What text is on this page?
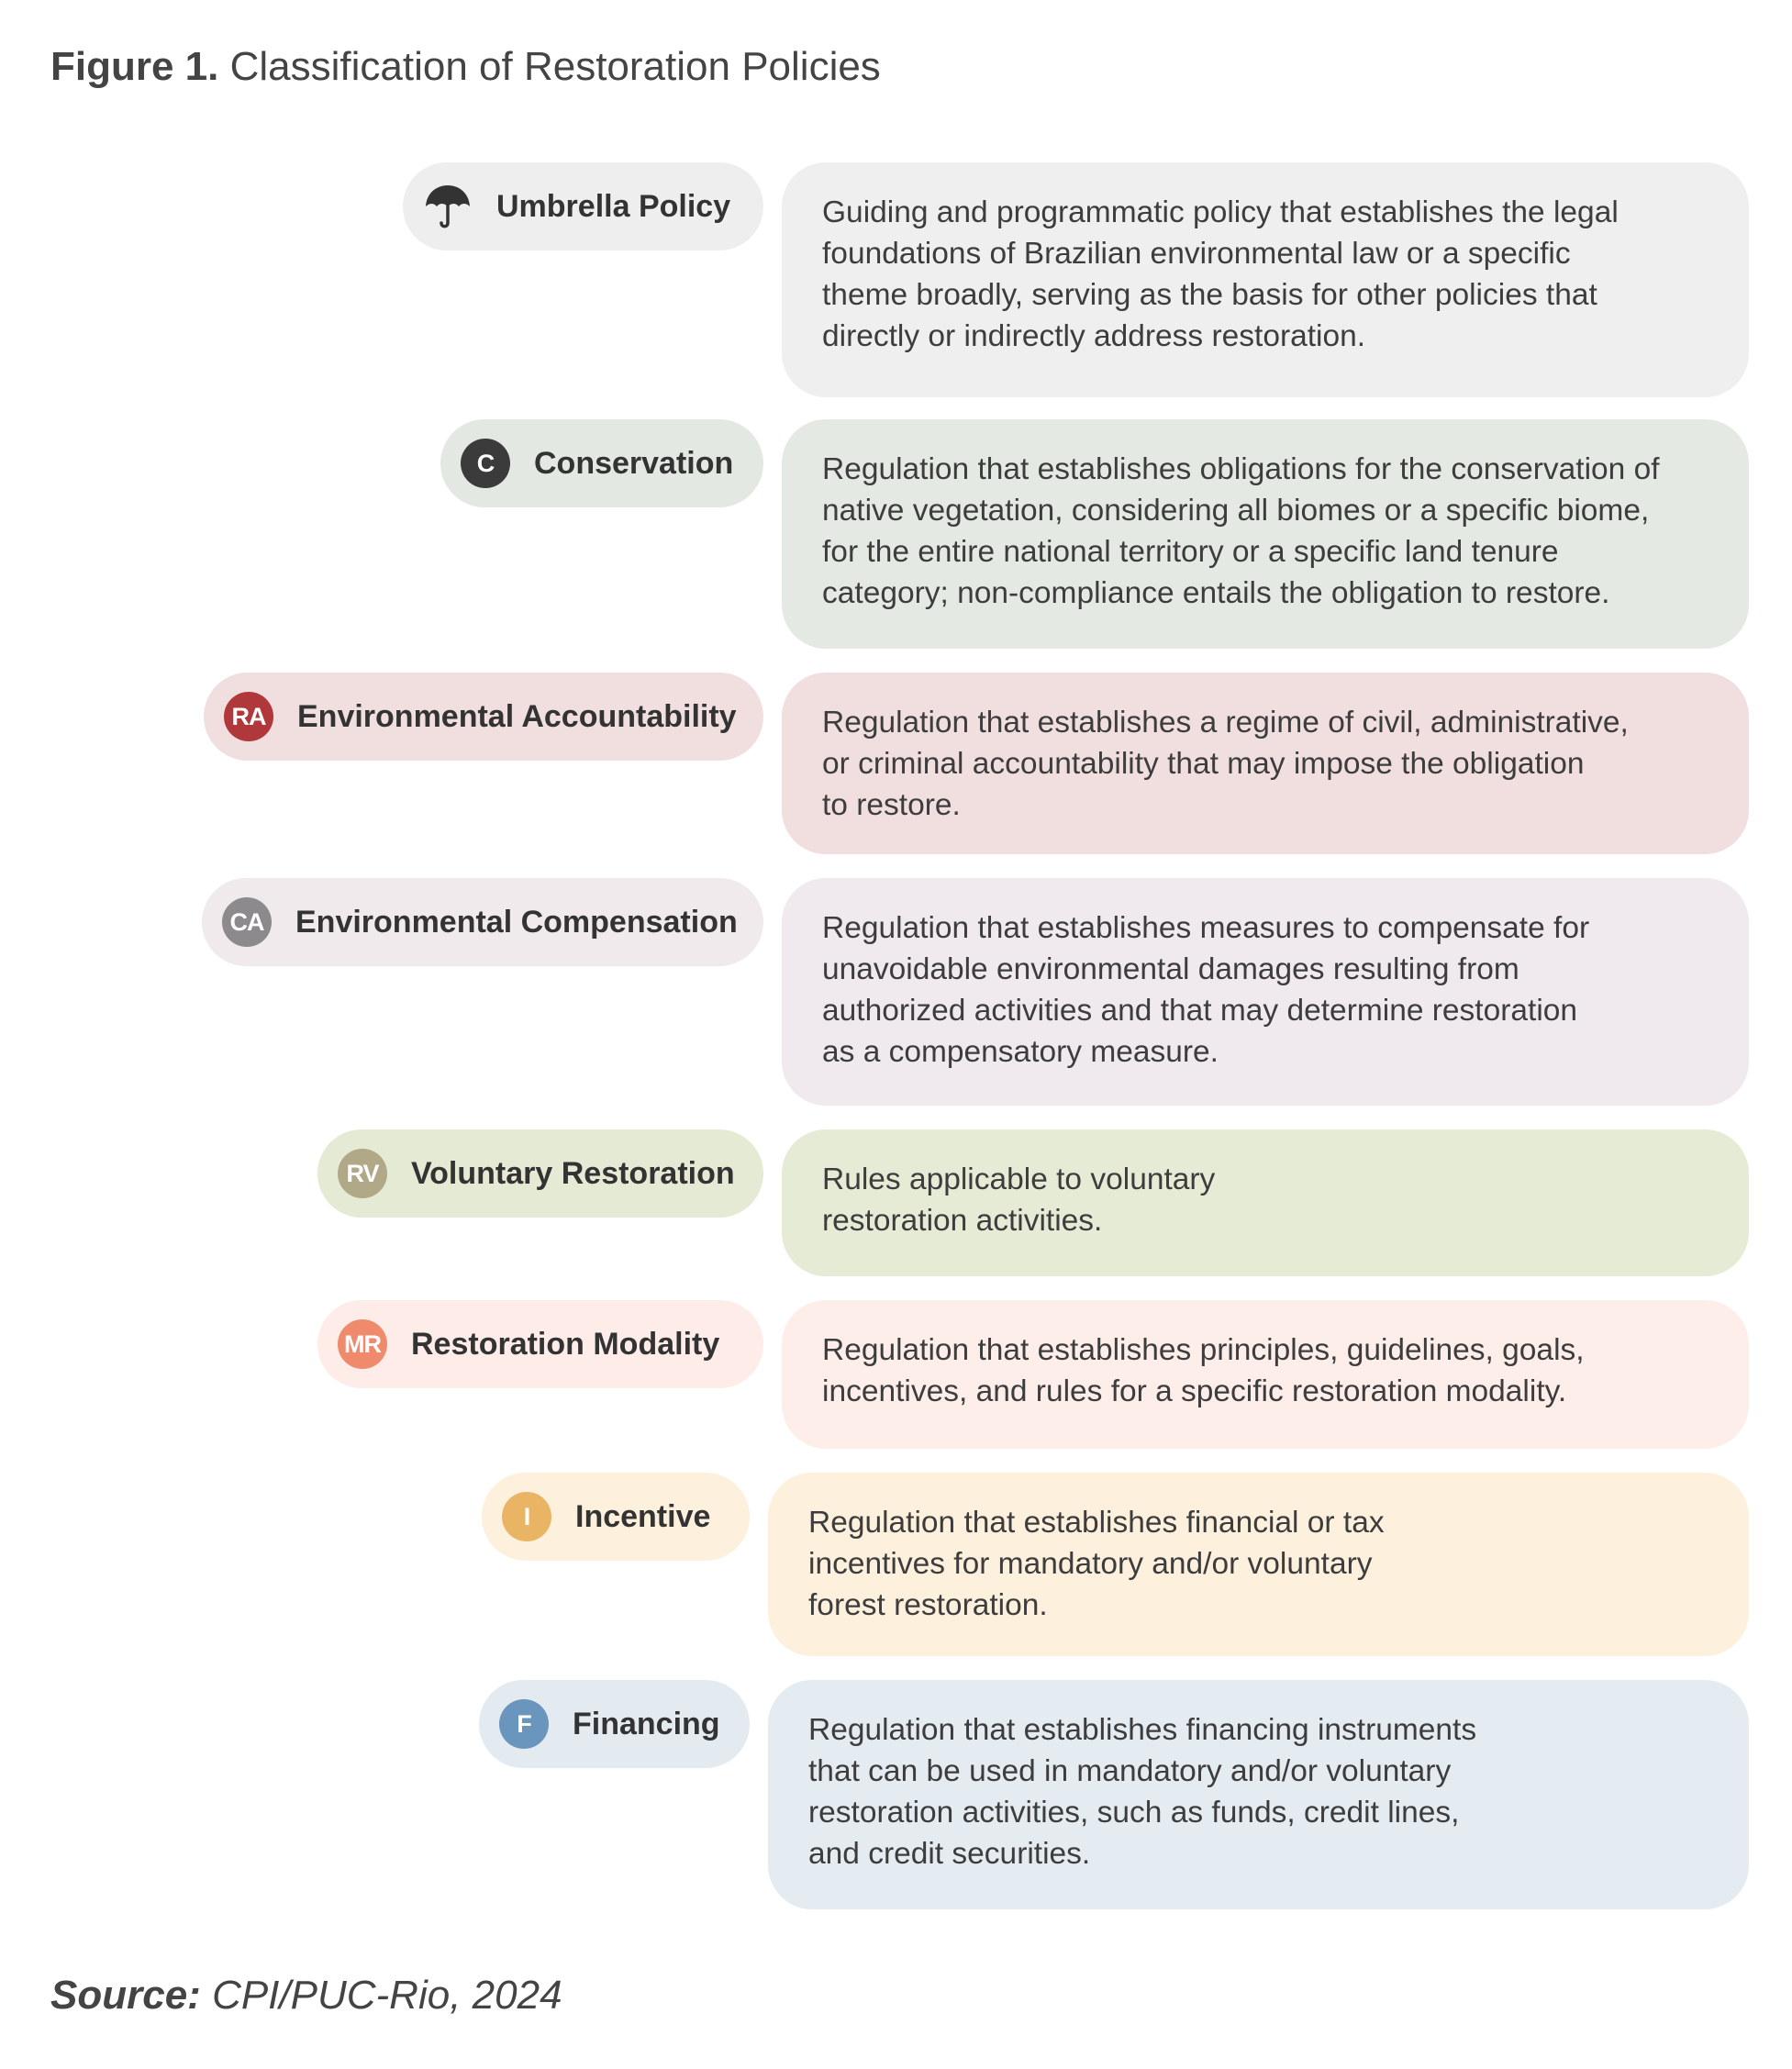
Figure 1. Classification of Restoration Policies
Umbrella Policy	Guiding and programmatic policy that establishes the legal
foundations of Brazilian environmental law or a specific
theme broadly, serving as the basis for other policies that
directly or indirectly address restoration.
C	Conservation	Regulation that establishes obligations for the conservation of
native vegetation, considering all biomes or a specific biome,
for the entire national territory or a specific land tenure
category; non-compliance entails the obligation to restore.
RA Environmental Accountability	Regulation that establishes a regime of civil, administrative,
or criminal accountability that may impose the obligation
to restore.
CA Environmental Compensation	Regulation that establishes measures to compensate for
unavoidable environmental damages resulting from
authorized activities and that may determine restoration
as a compensatory measure.
RV Voluntary Restoration	Rules applicable to voluntary
restoration activities.
MR Restoration Modality	Regulation that establishes principles, guidelines, goals,
incentives, and rules for a specific restoration modality.
I	Incentive	Regulation that establishes financial or tax
incentives for mandatory and/or voluntary
forest restoration.
F	Financing	Regulation that establishes financing instruments
that can be used in mandatory and/or voluntary
restoration activities, such as funds, credit lines,
and credit securities.
Source: CPI/PUC-Rio, 2024
